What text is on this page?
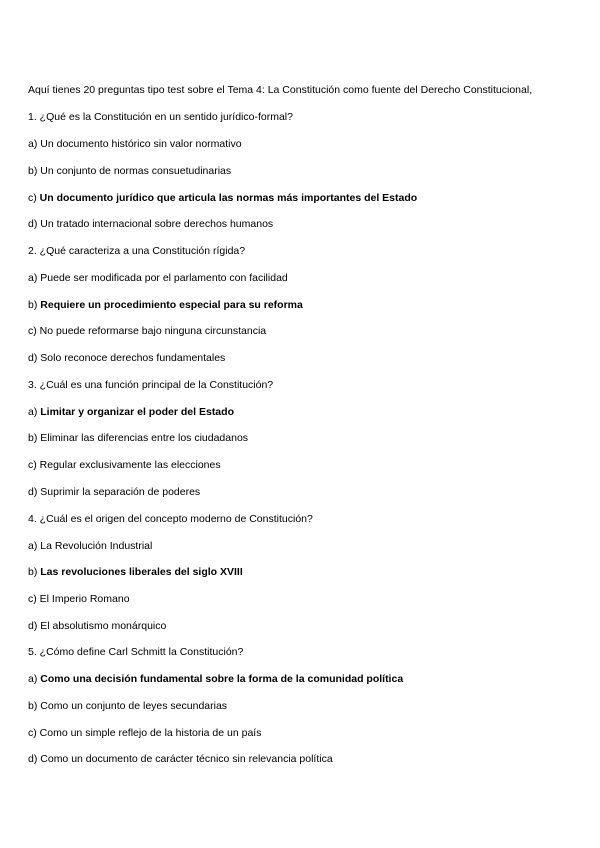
Aquí tienes 20 preguntas tipo test sobre el Tema 4: La Constitución como fuente del Derecho Constitucional,
1. ¿Qué es la Constitución en un sentido jurídico-formal?
a) Un documento histórico sin valor normativo
b) Un conjunto de normas consuetudinarias
c) Un documento jurídico que articula las normas más importantes del Estado
d) Un tratado internacional sobre derechos humanos
2. ¿Qué caracteriza a una Constitución rígida?
a) Puede ser modificada por el parlamento con facilidad
b) Requiere un procedimiento especial para su reforma
c) No puede reformarse bajo ninguna circunstancia
d) Solo reconoce derechos fundamentales
3. ¿Cuál es una función principal de la Constitución?
a) Limitar y organizar el poder del Estado
b) Eliminar las diferencias entre los ciudadanos
c) Regular exclusivamente las elecciones
d) Suprimir la separación de poderes
4. ¿Cuál es el origen del concepto moderno de Constitución?
a) La Revolución Industrial
b) Las revoluciones liberales del siglo XVIII
c) El Imperio Romano
d) El absolutismo monárquico
5. ¿Cómo define Carl Schmitt la Constitución?
a) Como una decisión fundamental sobre la forma de la comunidad política
b) Como un conjunto de leyes secundarias
c) Como un simple reflejo de la historia de un país
d) Como un documento de carácter técnico sin relevancia política
